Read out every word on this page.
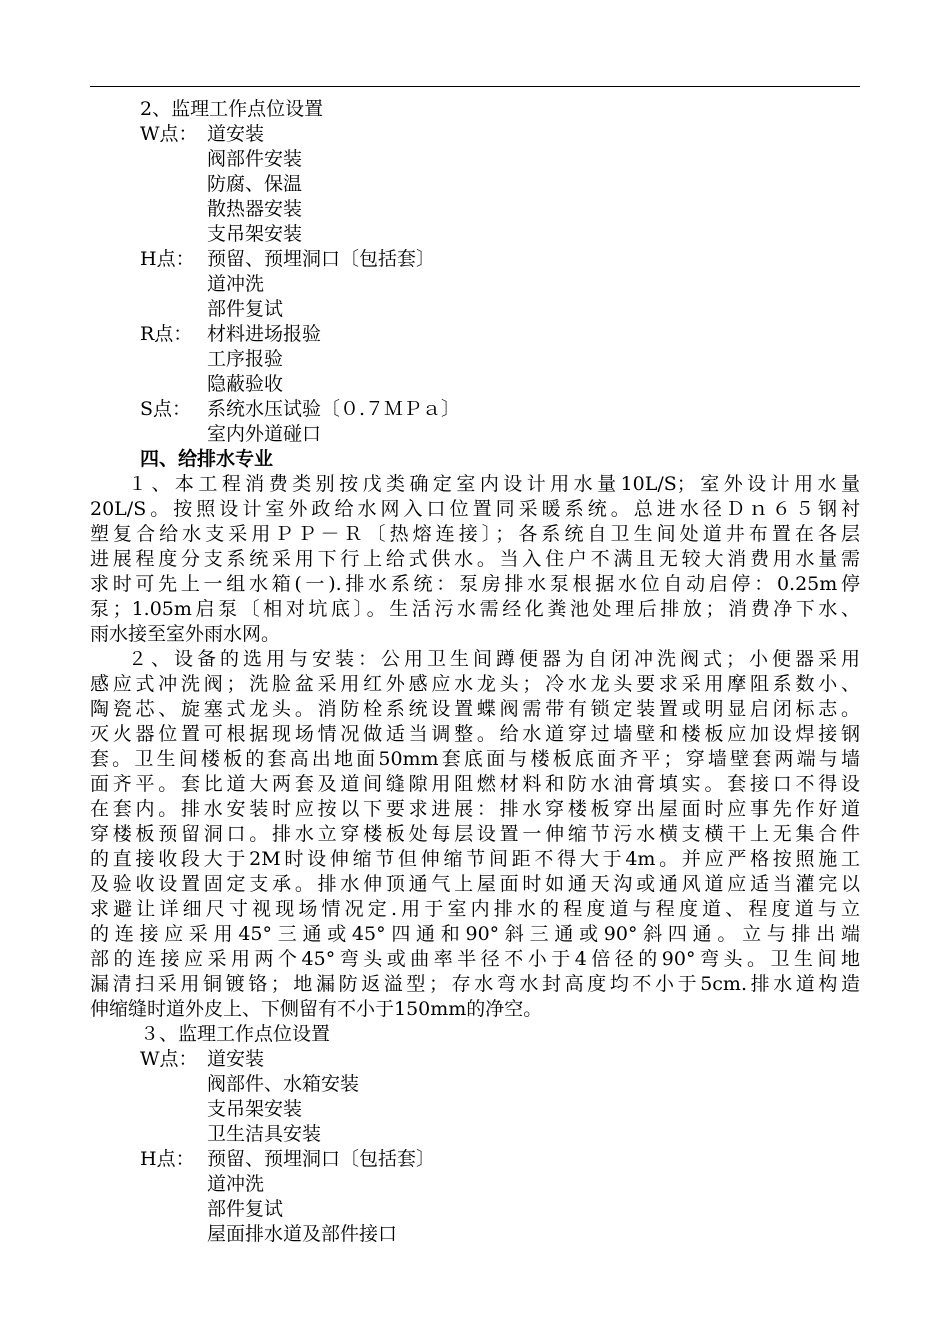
2、监理工作点位设置
W点： 道安装
阀部件安装
防腐、保温
散热器安装
支吊架安装
H点： 预留、预埋洞口〔包括套〕
道冲洗
部件复试
R点： 材料进场报验
工序报验
隐蔽验收
S点： 系统水压试验〔０.７ＭＰａ〕
室内外道碰口
四、给排水专业
１、本工程消费类别按戊类确定室内设计用水量10L/S；室外设计用水量
20L/S。按照设计室外政给水网入口位置同采暖系统。总进水径Ｄｎ６５钢衬
塑复合给水支采用ＰＰ－Ｒ〔热熔连接〕；各系统自卫生间处道井布置在各层
进展程度分支系统采用下行上给式供水。当入住户不满且无较大消费用水量需
求时可先上一组水箱(一).排水系统：泵房排水泵根据水位自动启停：0.25m停
泵；1.05m启泵〔相对坑底〕。生活污水需经化粪池处理后排放；消费净下水、
雨水接至室外雨水网。
２、设备的选用与安装：公用卫生间蹲便器为自闭冲洗阀式；小便器采用
感应式冲洗阀；洗脸盆采用红外感应水龙头；冷水龙头要求采用摩阻系数小、
陶瓷芯、旋塞式龙头。消防栓系统设置蝶阀需带有锁定装置或明显启闭标志。
灭火器位置可根据现场情况做适当调整。给水道穿过墙壁和楼板应加设焊接钢
套。卫生间楼板的套高出地面50mm套底面与楼板底面齐平；穿墙壁套两端与墙
面齐平。套比道大两套及道间缝隙用阻燃材料和防水油膏填实。套接口不得设
在套内。排水安装时应按以下要求进展：排水穿楼板穿出屋面时应事先作好道
穿楼板预留洞口。排水立穿楼板处每层设置一伸缩节污水横支横干上无集合件
的直接收段大于2M时设伸缩节但伸缩节间距不得大于4m。并应严格按照施工
及验收设置固定支承。排水伸顶通气上屋面时如通天沟或通风道应适当灌完以
求避让详细尺寸视现场情况定.用于室内排水的程度道与程度道、程度道与立
的连接应采用45°三通或45°四通和90°斜三通或90°斜四通。立与排出端
部的连接应采用两个45°弯头或曲率半径不小于4倍径的90°弯头。卫生间地
漏清扫采用铜镀铬；地漏防返溢型；存水弯水封高度均不小于5cm.排水道构造
伸缩缝时道外皮上、下侧留有不小于150mm的净空。
３、监理工作点位设置
W点： 道安装
阀部件、水箱安装
支吊架安装
卫生洁具安装
H点： 预留、预埋洞口〔包括套〕
道冲洗
部件复试
屋面排水道及部件接口
